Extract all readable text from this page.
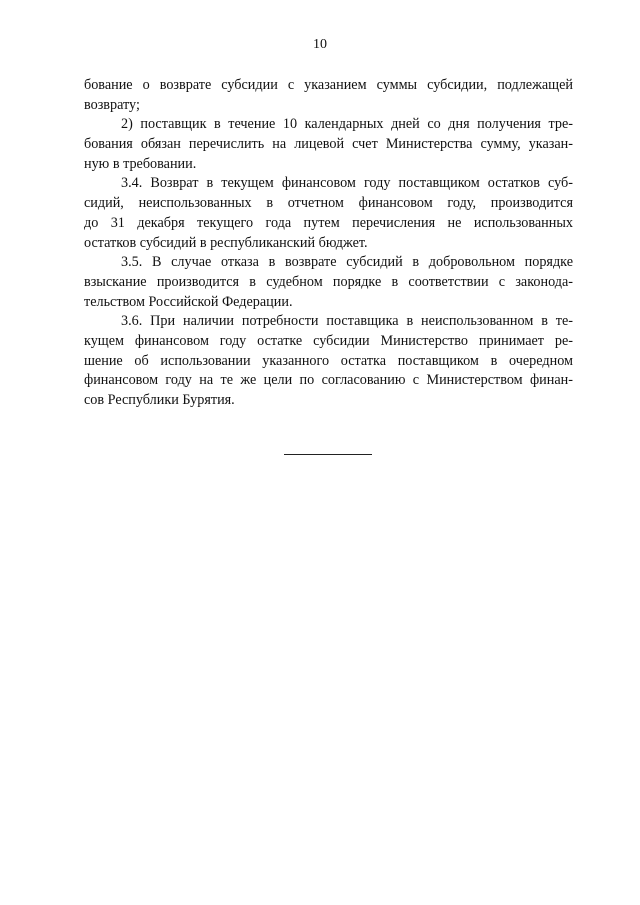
10
бование о возврате субсидии с указанием суммы субсидии, подлежащей
возврату;
2) поставщик в течение 10 календарных дней со дня получения тре-
бования обязан перечислить на лицевой счет Министерства сумму, указан-
ную в требовании.
3.4. Возврат в текущем финансовом году поставщиком остатков суб-
сидий, неиспользованных в отчетном финансовом году, производится
до 31 декабря текущего года путем перечисления не использованных
остатков субсидий в республиканский бюджет.
3.5. В случае отказа в возврате субсидий в добровольном порядке
взыскание производится в судебном порядке в соответствии с законода-
тельством Российской Федерации.
3.6. При наличии потребности поставщика в неиспользованном в те-
кущем финансовом году остатке субсидии Министерство принимает ре-
шение об использовании указанного остатка поставщиком в очередном
финансовом году на те же цели по согласованию с Министерством финан-
сов Республики Бурятия.
